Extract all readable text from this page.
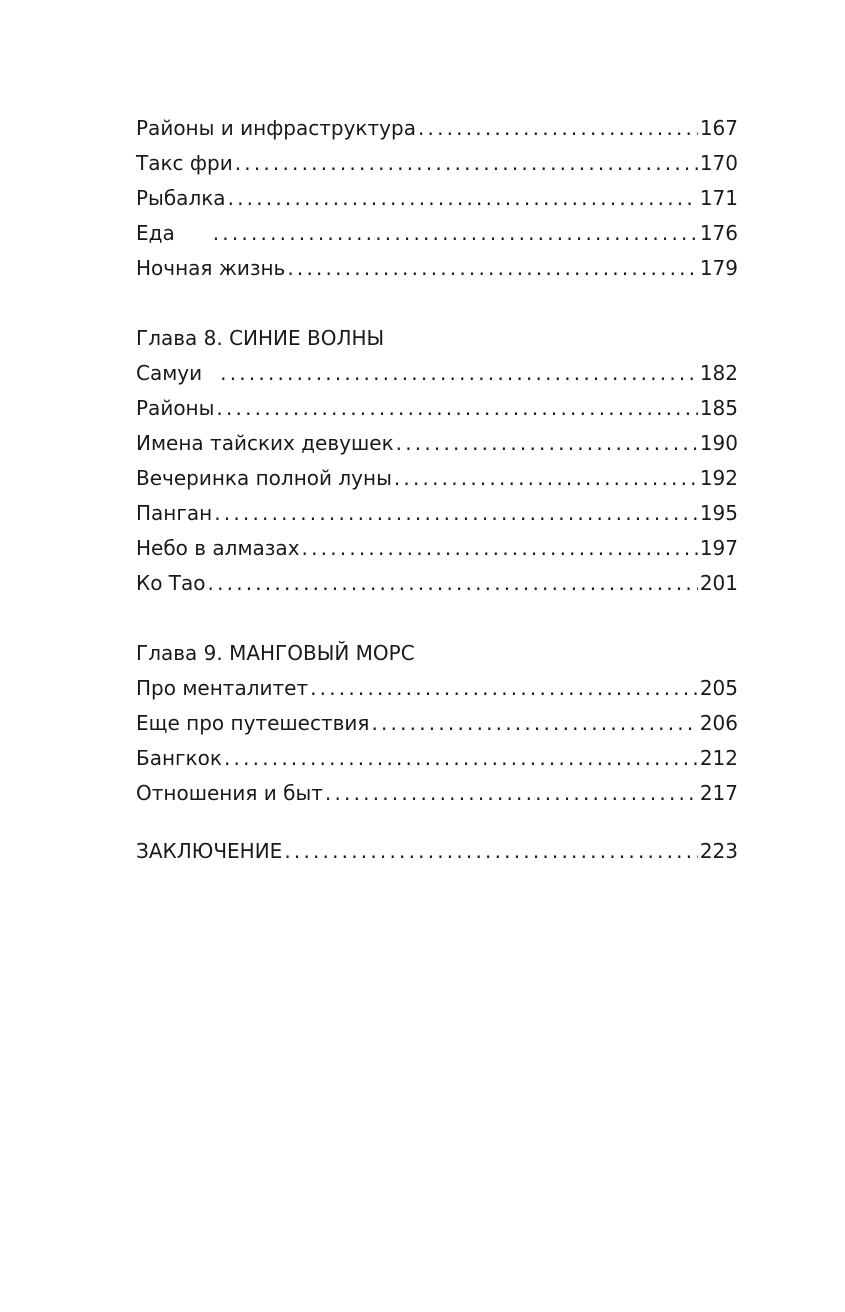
Районы и инфраструктура .....	167
Такс фри .....	170
Рыбалка .....	171
Еда .....	176
Ночная жизнь .....	179
Глава 8. СИНИЕ ВОЛНЫ
Самуи .....	182
Районы .....	185
Имена тайских девушек .....	190
Вечеринка полной луны .....	192
Панган .....	195
Небо в алмазах .....	197
Ко Тао .....	201
Глава 9. МАНГОВЫЙ МОРС
Про менталитет .....	205
Еще про путешествия .....	206
Бангкок .....	212
Отношения и быт .....	217
ЗАКЛЮЧЕНИЕ .....	223
